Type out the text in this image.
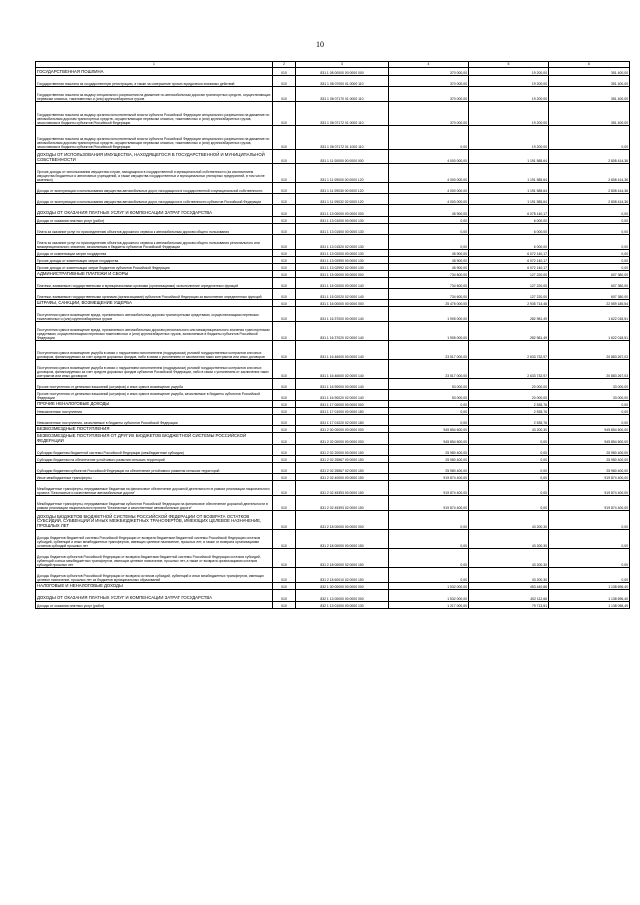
10
1	2	3	4	5	6
ГОСУДАРСТВЕННАЯ ПОШЛИНА	010	831 1 08 00000 00 0000 000	370 000,00	19 200,00	351 400,00
Государственная пошлина за государственную регистрацию, а также за совершение прочих юридически значимых действий	010	831 1 08 07000 01 0000 110	370 000,00	19 200,00	351 400,00
Государственная пошлина за выдачу специального разрешения на движение по автомобильным дорогам транспортных средств, осуществляющих перевозки опасных, тяжеловесных и (или) крупногабаритных грузов	010	831 1 08 07170 01 0000 110	370 000,00	19 200,00	351 400,00
Государственная пошлина за выдачу органом исполнительной власти субъекта Российской Федерации специального разрешения на движение по автомобильным дорогам транспортных средств, осуществляющих перевозки опасных, тяжеловесных и (или) крупногабаритных грузов, зачисляемая в бюджеты субъектов Российской Федерации	010	831 1 08 07172 01 0000 110	370 000,00	19 200,00	351 400,00
Государственная пошлина за выдачу органом исполнительной власти субъекта Российской Федерации специального разрешения на движение по автомобильным дорогам транспортных средств, осуществляющих перевозки опасных, тяжеловесных и (или) крупногабаритных грузов, зачисляемая в бюджеты субъектов Российской Федерации	010	831 1 08 07172 01 1000 110	0,00	19 200,00	0,00
ДОХОДЫ ОТ ИСПОЛЬЗОВАНИЯ ИМУЩЕСТВА, НАХОДЯЩЕГОСЯ В ГОСУДАРСТВЕННОЙ И МУНИЦИПАЛЬНОЙ СОБСТВЕННОСТИ	010	831 1 11 00000 00 0000 000	4 000 000,00	1 191 585,64	2 808 414,36
Прочие доходы от использования имущества и прав, находящихся в государственной и муниципальной собственности (за исключением имущества бюджетных и автономных учреждений, а также имущества государственных и муниципальных унитарных предприятий, в том числе казенных)	010	831 1 11 09000 00 0000 120	4 000 000,00	1 191 585,64	2 808 414,36
Доходы от эксплуатации и использования имущества автомобильных дорог, находящихся в государственной и муниципальной собственности	010	831 1 11 09030 00 0000 120	4 000 000,00	1 191 585,64	2 808 414,36
Доходы от эксплуатации и использования имущества автомобильных дорог, находящихся в собственности субъектов Российской Федерации	010	831 1 11 09032 02 0000 120	4 000 000,00	1 191 585,64	2 808 414,36
ДОХОДЫ ОТ ОКАЗАНИЯ ПЛАТНЫХ УСЛУГ И КОМПЕНСАЦИИ ЗАТРАТ ГОСУДАРСТВА	010	831 1 13 00000 00 0000 000	45 900,00	6 078 140,17	0,00
Доходы от оказания платных услуг (работ)	010	831 1 13 01000 00 0000 130	0,00	6 000,00	0,00
Плата за оказание услуг по присоединению объектов дорожного сервиса к автомобильным дорогам общего пользования	010	831 1 13 01500 00 0000 130	0,00	6 000,00	0,00
Плата за оказание услуг по присоединению объектов дорожного сервиса к автомобильным дорогам общего пользования регионального или межмуниципального значения, зачисляемая в бюджеты субъектов Российской Федерации	010	831 1 13 01520 02 0000 130	0,00	6 000,00	0,00
Доходы от компенсации затрат государства	010	831 1 13 02000 00 0000 130	45 900,00	6 072 140,17	0,00
Прочие доходы от компенсации затрат государства	010	831 1 13 02990 00 0000 130	45 900,00	6 072 140,17	0,00
Прочие доходы от компенсации затрат бюджетов субъектов Российской Федерации	010	831 1 13 02992 02 0000 130	45 900,00	6 072 140,17	0,00
АДМИНИСТРАТИВНЫЕ ПЛАТЕЖИ И СБОРЫ	010	831 1 15 00000 00 0000 000	734 600,00	127 220,00	607 380,00
Платежи, взимаемые государственными и муниципальными органами (организациями) за выполнение определенных функций	010	831 1 15 02000 00 0000 140	734 600,00	127 220,00	607 380,00
Платежи, взимаемые государственными органами (организациями) субъектов Российской Федерации за выполнение определенных функций	010	831 1 15 02020 02 0000 140	734 600,00	127 220,00	607 380,00
ШТРАФЫ, САНКЦИИ, ВОЗМЕЩЕНИЕ УЩЕРБА	010	831 1 16 00000 00 0000 000	25 475 000,00	2 935 714,46	22 559 185,54
Поступления сумм в возмещение вреда, причиняемого автомобильным дорогам транспортными средствами, осуществляющими перевозки тяжеловесных и (или) крупногабаритных грузов	010	831 1 16 37000 00 0000 140	1 905 000,00	282 981,49	1 622 018,51
Поступления сумм в возмещение вреда, причиняемого автомобильным дорогам регионального или межмуниципального значения транспортными средствами, осуществляющими перевозки тяжеловесных и (или) крупногабаритных грузов, зачисляемые в бюджеты субъектов Российской Федерации	010	831 1 16 37020 02 0000 140	1 905 000,00	282 981,49	1 622 018,51
Поступления сумм в возмещение ущерба в связи с нарушением исполнителем (подрядчиком) условий государственных контрактов или иных договоров, финансируемых за счет средств дорожных фондов, либо в связи с уклонением от заключения таких контрактов или иных договоров	010	831 1 16 46000 00 0000 140	23 517 000,00	2 633 732,97	20 883 267,03
Поступления сумм в возмещение ущерба в связи с нарушением исполнителем (подрядчиком) условий государственных контрактов или иных договоров, финансируемых за счет средств дорожных фондов субъектов Российской Федерации, либо в связи с уклонением от заключения таких контрактов или иных договоров	010	831 1 16 46000 02 0000 140	23 517 000,00	2 633 732,97	20 883 267,03
Прочие поступления от денежных взысканий (штрафов) и иных сумм в возмещение ущерба	010	831 1 16 90000 00 0000 140	53 000,00	20 000,00	33 000,00
Прочие поступления от денежных взысканий (штрафов) и иных сумм в возмещение ущерба, зачисляемые в бюджеты субъектов Российской Федерации	010	831 1 16 90020 02 0000 140	53 000,00	20 000,00	33 000,00
ПРОЧИЕ НЕНАЛОГОВЫЕ ДОХОДЫ	010	831 1 17 00000 00 0000 000	0,00	2 535,76	0,00
Невыясненные поступления	010	831 1 17 01000 00 0000 180	0,00	2 535,76	0,00
Невыясненные поступления, зачисляемые в бюджеты субъектов Российской Федерации	010	831 1 17 01020 02 0000 180	0,00	2 535,76	0,00
БЕЗВОЗМЕЗДНЫЕ ПОСТУПЛЕНИЯ	010	831 2 00 00000 00 0000 000	945 854 600,00	43 200,30	945 854 600,00
БЕЗВОЗМЕЗДНЫЕ ПОСТУПЛЕНИЯ ОТ ДРУГИХ БЮДЖЕТОВ БЮДЖЕТНОЙ СИСТЕМЫ РОССИЙСКОЙ ФЕДЕРАЦИИ	010	831 2 02 00000 00 0000 000	945 854 600,00	0,00	945 854 600,00
Субсидии бюджетам бюджетной системы Российской Федерации (межбюджетные субсидии)	010	831 2 02 20000 00 0000 150	25 980 400,00	0,00	25 980 400,00
Субсидии бюджетам на обеспечение устойчивого развития сельских территорий	010	831 2 02 25567 00 0000 150	25 980 400,00	0,00	25 980 400,00
Субсидии бюджетам субъектов Российской Федерации на обеспечение устойчивого развития сельских территорий	010	831 2 02 25567 02 0000 150	25 980 400,00	0,00	25 980 400,00
Иные межбюджетные трансферты	010	831 2 02 40000 00 0000 150	919 874 400,00	0,00	919 874 400,00
Межбюджетные трансферты, передаваемые бюджетам на финансовое обеспечение дорожной деятельности в рамках реализации национального проекта "Безопасные и качественные автомобильные дороги"	010	831 2 02 45393 00 0000 150	919 874 400,00	0,00	919 874 400,00
Межбюджетные трансферты, передаваемые бюджетам субъектов Российской Федерации на финансовое обеспечение дорожной деятельности в рамках реализации национального проекта "Безопасные и качественные автомобильные дороги"	010	831 2 02 45393 02 0000 150	919 874 400,00	0,00	919 874 400,00
ДОХОДЫ БЮДЖЕТОВ БЮДЖЕТНОЙ СИСТЕМЫ РОССИЙСКОЙ ФЕДЕРАЦИИ ОТ ВОЗВРАТА ОСТАТКОВ СУБСИДИЙ, СУБВЕНЦИЙ И ИНЫХ МЕЖБЮДЖЕТНЫХ ТРАНСФЕРТОВ, ИМЕЮЩИХ ЦЕЛЕВОЕ НАЗНАЧЕНИЕ, ПРОШЛЫХ ЛЕТ	010	831 2 18 00000 00 0000 000	0,00	43 200,30	0,00
Доходы бюджетов бюджетной системы Российской Федерации от возврата бюджетами бюджетной системы Российской Федерации остатков субсидий, субвенций и иных межбюджетных трансфертов, имеющих целевое назначение, прошлых лет, а также от возврата организациями остатков субсидий прошлых лет	010	831 2 18 00000 00 0000 150	0,00	43 200,30	0,00
Доходы бюджетов субъектов Российской Федерации от возврата бюджетами бюджетной системы Российской Федерации остатков субсидий, субвенций и иных межбюджетных трансфертов, имеющих целевое назначение, прошлых лет, а также от возврата организациями остатков субсидий прошлых лет	010	831 2 18 00000 02 0000 150	0,00	43 200,30	0,00
Доходы бюджетов субъектов Российской Федерации от возврата остатков субсидий, субвенций и иных межбюджетных трансфертов, имеющих целевое назначение, прошлых лет из бюджетов муниципальных образований	010	831 2 18 60010 02 0000 150	0,00	43 200,30	0,00
НАЛОГОВЫЕ И НЕНАЛОГОВЫЕ ДОХОДЫ	010	832 1 00 00000 00 0000 000	1 532 000,00	453 440,86	1 138 696,40
ДОХОДЫ ОТ ОКАЗАНИЯ ПЛАТНЫХ УСЛУГ И КОМПЕНСАЦИИ ЗАТРАТ ГОСУДАРСТВА	010	832 1 13 00000 00 0000 000	1 532 000,00	402 112,66	1 138 696,40
Доходы от оказания платных услуг (работ)	010	832 1 13 01000 00 0000 130	1 217 000,00	79 713,51	1 138 058,49
